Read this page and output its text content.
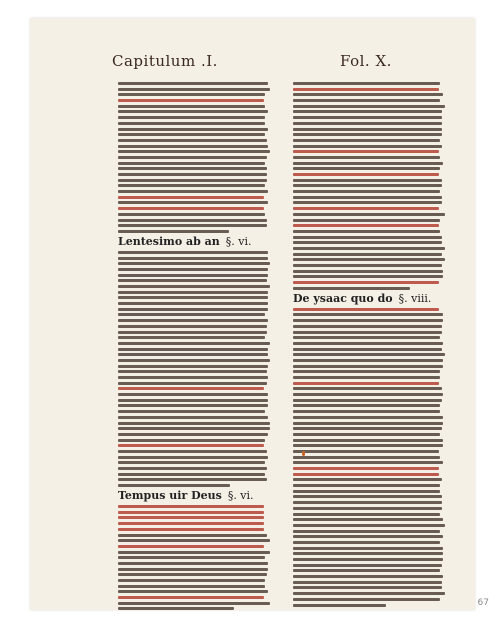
Capitulum .I.	Fol. X.
Lentesimo ab an §. vi.
Tempus uir Deus §. vi.
De ysaac quo do §. viii.
67
